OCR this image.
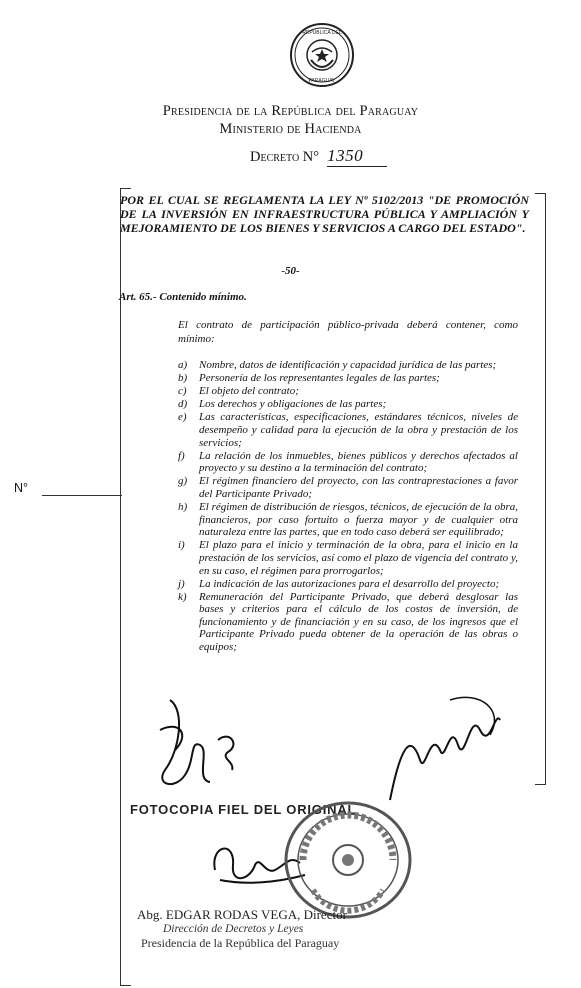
REPUBLICA DEL
PARAGUAY
Presidencia de la República del Paraguay
Ministerio de Hacienda
Decreto N° 1350
N°
POR EL CUAL SE REGLAMENTA LA LEY Nº 5102/2013 "DE PROMOCIÓN DE LA INVERSIÓN EN INFRAESTRUCTURA PÚBLICA Y AMPLIACIÓN Y MEJORAMIENTO DE LOS BIENES Y SERVICIOS A CARGO DEL ESTADO".
-50-
Art. 65.- Contenido mínimo.
El contrato de participación público-privada deberá contener, como mínimo:
a)	Nombre, datos de identificación y capacidad jurídica de las partes;
b)	Personería de los representantes legales de las partes;
c)	El objeto del contrato;
d)	Los derechos y obligaciones de las partes;
e)	Las características, especificaciones, estándares técnicos, niveles de desempeño y calidad para la ejecución de la obra y prestación de los servicios;
f)	La relación de los inmuebles, bienes públicos y derechos afectados al proyecto y su destino a la terminación del contrato;
g)	El régimen financiero del proyecto, con las contraprestaciones a favor del Participante Privado;
h)	El régimen de distribución de riesgos, técnicos, de ejecución de la obra, financieros, por caso fortuito o fuerza mayor y de cualquier otra naturaleza entre las partes, que en todo caso deberá ser equilibrado;
i)	El plazo para el inicio y terminación de la obra, para el inicio en la prestación de los servicios, así como el plazo de vigencia del contrato y, en su caso, el régimen para prorrogarlos;
j)	La indicación de las autorizaciones para el desarrollo del proyecto;
k)	Remuneración del Participante Privado, que deberá desglosar las bases y criterios para el cálculo de los costos de inversión, de funcionamiento y de financiación y en su caso, de los ingresos que el Participante Privado pueda obtener de la operación de las obras o equipos;
FOTOCOPIA FIEL DEL ORIGINAL
Abg. EDGAR RODAS VEGA, Director
Dirección de Decretos y Leyes
Presidencia de la República del Paraguay
